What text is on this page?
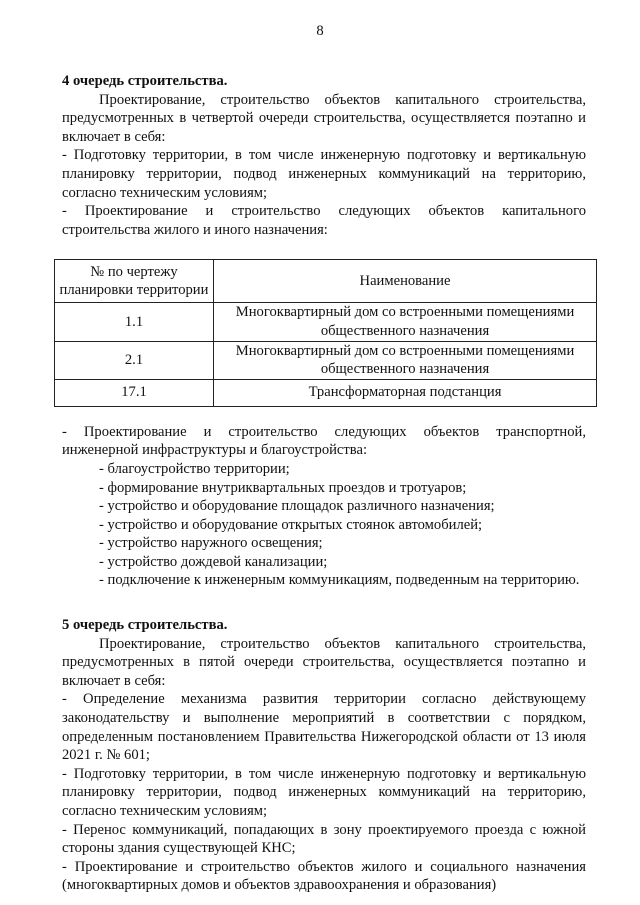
8

4 очередь строительства.

Проектирование, строительство объектов капитального строительства, предусмотренных в четвертой очереди строительства, осуществляется поэтапно и включает в себя:

- Подготовку территории, в том числе инженерную подготовку и вертикальную планировку территории, подвод инженерных коммуникаций на территорию, согласно техническим условиям;

- Проектирование и строительство следующих объектов капитального строительства жилого и иного назначения:

№ по чертежу планировки территории	Наименование
1.1	Многоквартирный дом со встроенными помещениями общественного назначения
2.1	Многоквартирный дом со встроенными помещениями общественного назначения
17.1	Трансформаторная подстанция

- Проектирование и строительство следующих объектов транспортной, инженерной инфраструктуры и благоустройства:

- благоустройство территории;
- формирование внутриквартальных проездов и тротуаров;
- устройство и оборудование площадок различного назначения;
- устройство и оборудование открытых стоянок автомобилей;
- устройство наружного освещения;
- устройство дождевой канализации;
- подключение к инженерным коммуникациям, подведенным на территорию.

5 очередь строительства.

Проектирование, строительство объектов капитального строительства, предусмотренных в пятой очереди строительства, осуществляется поэтапно и включает в себя:

- Определение механизма развития территории согласно действующему законодательству и выполнение мероприятий в соответствии с порядком, определенным постановлением Правительства Нижегородской области от 13 июля 2021 г. № 601;

- Подготовку территории, в том числе инженерную подготовку и вертикальную планировку территории, подвод инженерных коммуникаций на территорию, согласно техническим условиям;

- Перенос коммуникаций, попадающих в зону проектируемого проезда с южной стороны здания существующей КНС;

- Проектирование и строительство объектов жилого и социального назначения (многоквартирных домов и объектов здравоохранения и образования)
